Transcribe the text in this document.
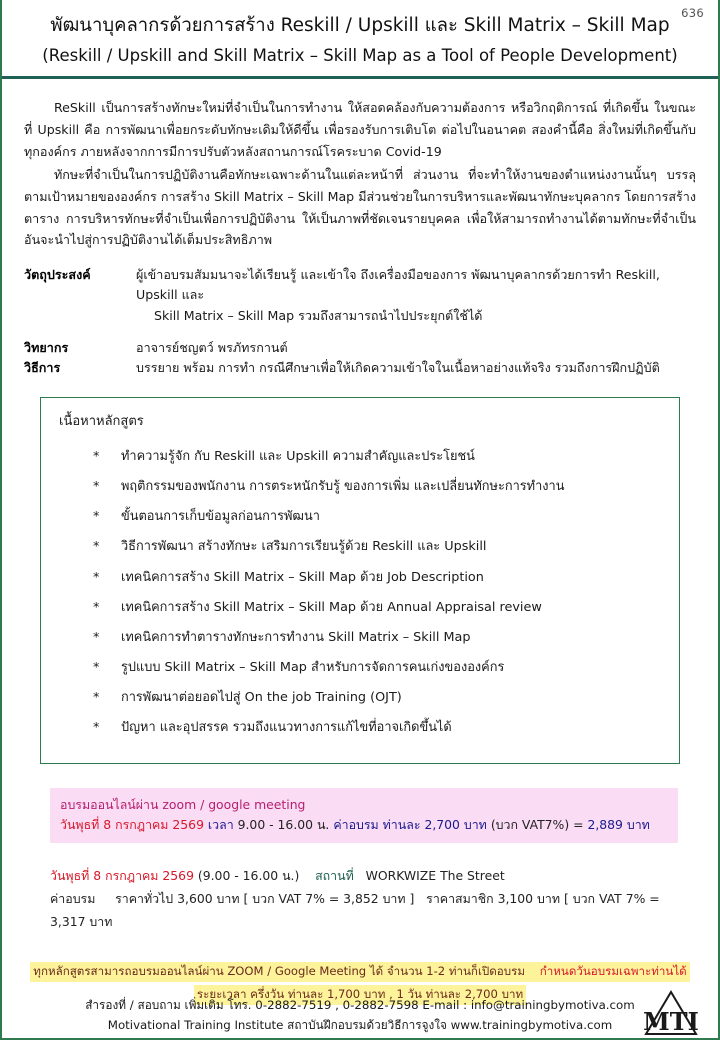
636
พัฒนาบุคลากรด้วยการสร้าง Reskill / Upskill และ Skill Matrix – Skill Map
(Reskill / Upskill and Skill Matrix – Skill Map as a Tool of People Development)

ReSkill เป็นการสร้างทักษะใหม่ที่จำเป็นในการทำงาน ให้สอดคล้องกับความต้องการ หรือวิกฤติการณ์ ที่เกิดขึ้น ในขณะที่ Upskill คือ การพัฒนาเพื่อยกระดับทักษะเดิมให้ดีขึ้น เพื่อรองรับการเติบโต ต่อไปในอนาคต สองคำนี้คือ สิ่งใหม่ที่เกิดขึ้นกับทุกองค์กร ภายหลังจากการมีการปรับตัวหลังสถานการณ์โรคระบาด Covid-19

ทักษะที่จำเป็นในการปฏิบัติงานคือทักษะเฉพาะด้านในแต่ละหน้าที่ ส่วนงาน ที่จะทำให้งานของตำแหน่งงานนั้นๆ บรรลุตามเป้าหมายขององค์กร การสร้าง Skill Matrix – Skill Map มีส่วนช่วยในการบริหารและพัฒนาทักษะบุคลากร โดยการสร้างตาราง การบริหารทักษะที่จำเป็นเพื่อการปฏิบัติงาน ให้เป็นภาพที่ชัดเจนรายบุคคล เพื่อให้สามารถทำงานได้ตามทักษะที่จำเป็นอันจะนำไปสู่การปฏิบัติงานได้เต็มประสิทธิภาพ

วัตถุประสงค์	ผู้เข้าอบรมสัมมนาจะได้เรียนรู้ และเข้าใจ ถึงเครื่องมือของการ พัฒนาบุคลากรด้วยการทำ Reskill, Upskill และ
Skill Matrix – Skill Map รวมถึงสามารถนำไปประยุกต์ใช้ได้
วิทยากร	อาจารย์ชญตว์ พรภัทรกานต์
วิธีการ	บรรยาย พร้อม การทำ กรณีศึกษาเพื่อให้เกิดความเข้าใจในเนื้อหาอย่างแท้จริง รวมถึงการฝึกปฏิบัติ
เนื้อหาหลักสูตร
*	ทำความรู้จัก กับ Reskill และ Upskill ความสำคัญและประโยชน์
*	พฤติกรรมของพนักงาน การตระหนักรับรู้ ของการเพิ่ม และเปลี่ยนทักษะการทำงาน
*	ขั้นตอนการเก็บข้อมูลก่อนการพัฒนา
*	วิธีการพัฒนา สร้างทักษะ เสริมการเรียนรู้ด้วย Reskill และ Upskill
*	เทคนิคการสร้าง Skill Matrix – Skill Map ด้วย Job Description
*	เทคนิคการสร้าง Skill Matrix – Skill Map ด้วย Annual Appraisal review
*	เทคนิคการทำตารางทักษะการทำงาน Skill Matrix – Skill Map
*	รูปแบบ Skill Matrix – Skill Map สำหรับการจัดการคนเก่งขององค์กร
*	การพัฒนาต่อยอดไปสู่ On the job Training (OJT)
*	ปัญหา และอุปสรรค รวมถึงแนวทางการแก้ไขที่อาจเกิดขึ้นได้
อบรมออนไลน์ผ่าน zoom / google meeting
วันพุธที่ 8 กรกฎาคม 2569 เวลา 9.00 - 16.00 น. ค่าอบรม ท่านละ 2,700 บาท (บวก VAT7%) = 2,889 บาท
วันพุธที่ 8 กรกฎาคม 2569 (9.00 - 16.00 น.) สถานที่ WORKWIZE The Street
ค่าอบรม ราคาทั่วไป 3,600 บาท [ บวก VAT 7% = 3,852 บาท ] ราคาสมาชิก 3,100 บาท [ บวก VAT 7% = 3,317 บาท
ทุกหลักสูตรสามารถอบรมออนไลน์ผ่าน ZOOM / Google Meeting ได้ จำนวน 1-2 ท่านก็เปิดอบรม กำหนดวันอบรมเฉพาะท่านได้
ระยะเวลา ครึ่งวัน ท่านละ 1,700 บาท , 1 วัน ท่านละ 2,700 บาท
สำรองที่ / สอบถาม เพิ่มเติม โทร. 0-2882-7519 , 0-2882-7598 E-mail : info@trainingbymotiva.com
Motivational Training Institute สถาบันฝึกอบรมด้วยวิธีการจูงใจ www.trainingbymotiva.com	MTI
